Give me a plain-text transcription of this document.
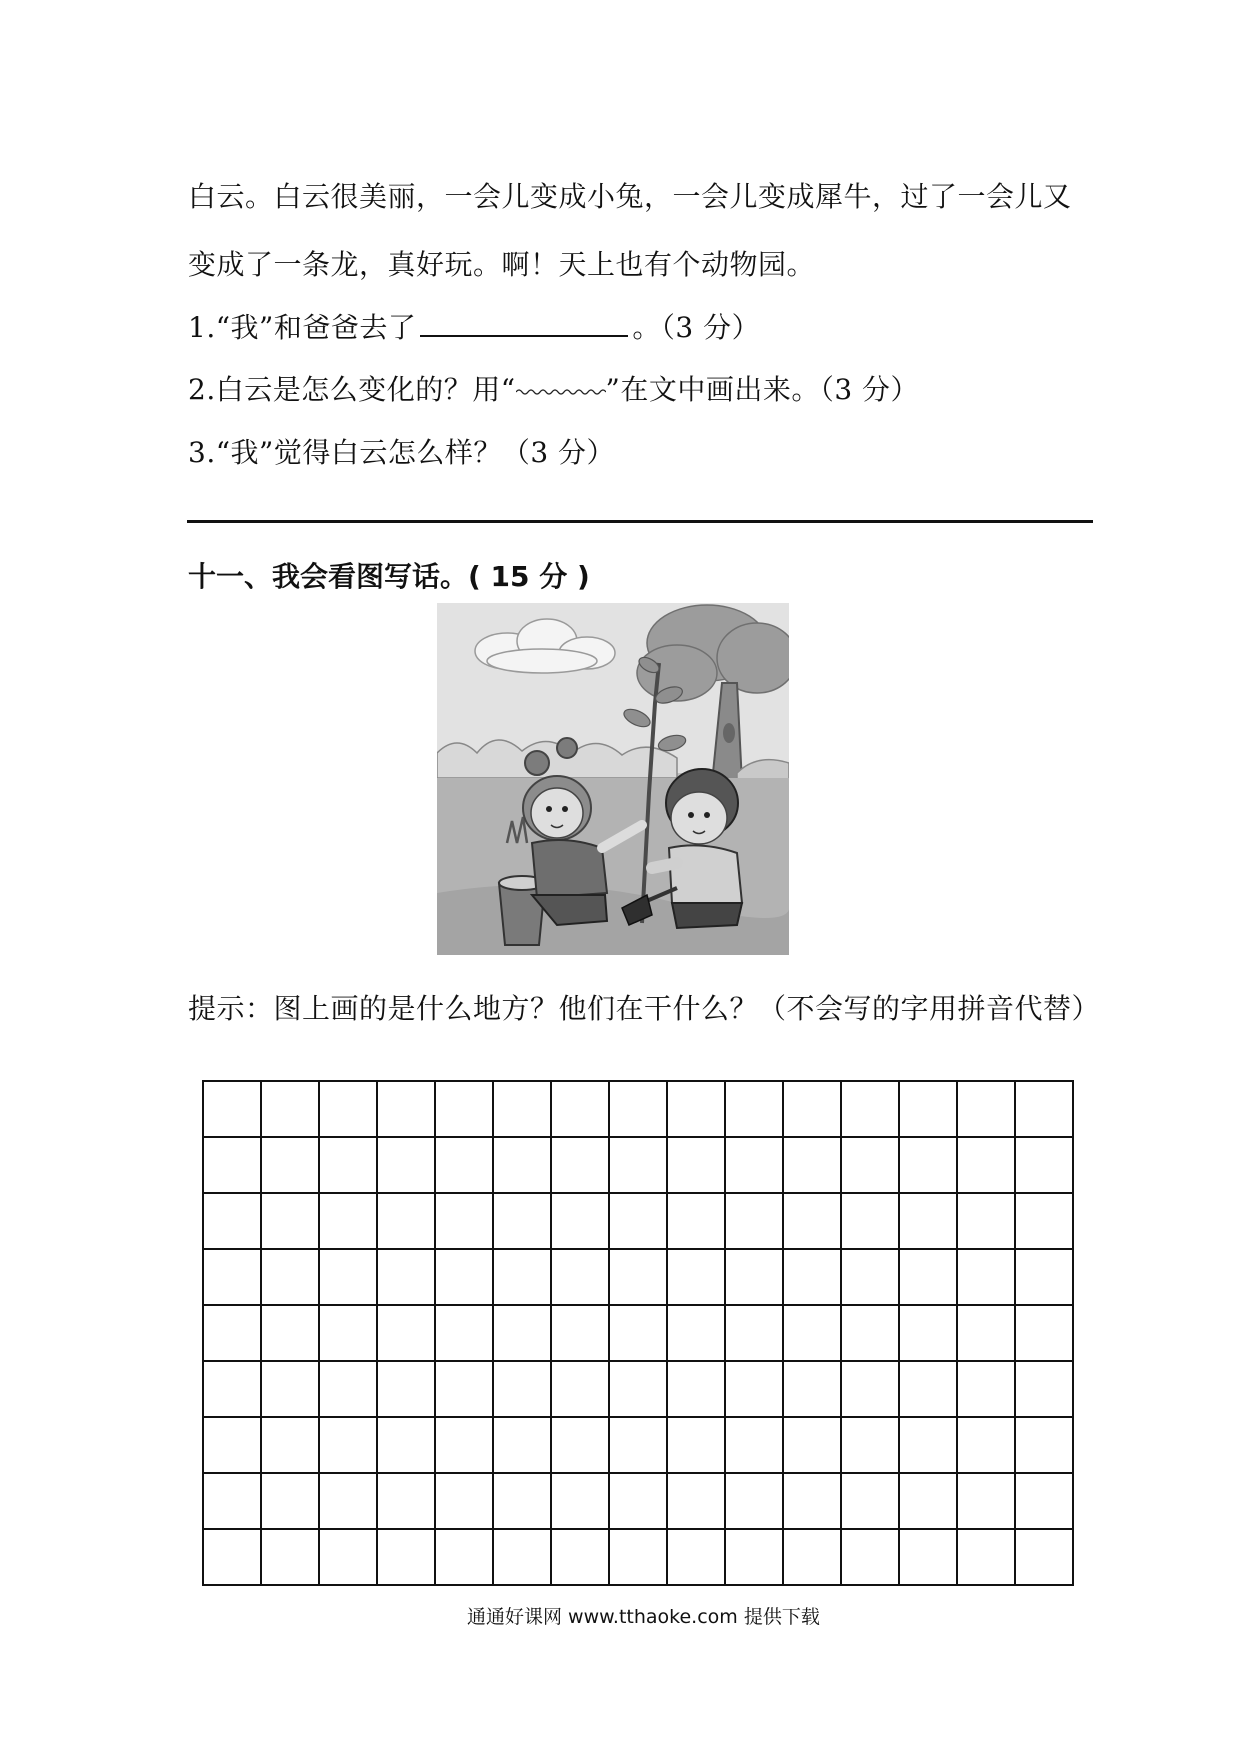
白云。白云很美丽，一会儿变成小兔，一会儿变成犀牛，过了一会儿又
变成了一条龙，真好玩。啊！天上也有个动物园。
1.“我”和爸爸去了	。（3 分）
2.白云是怎么变化的？用“	”在文中画出来。（3 分）
3.“我”觉得白云怎么样？（3 分）
十一、我会看图写话。( 15 分 )
提示：图上画的是什么地方？他们在干什么？（不会写的字用拼音代替）
通通好课网 www.tthaoke.com 提供下载
